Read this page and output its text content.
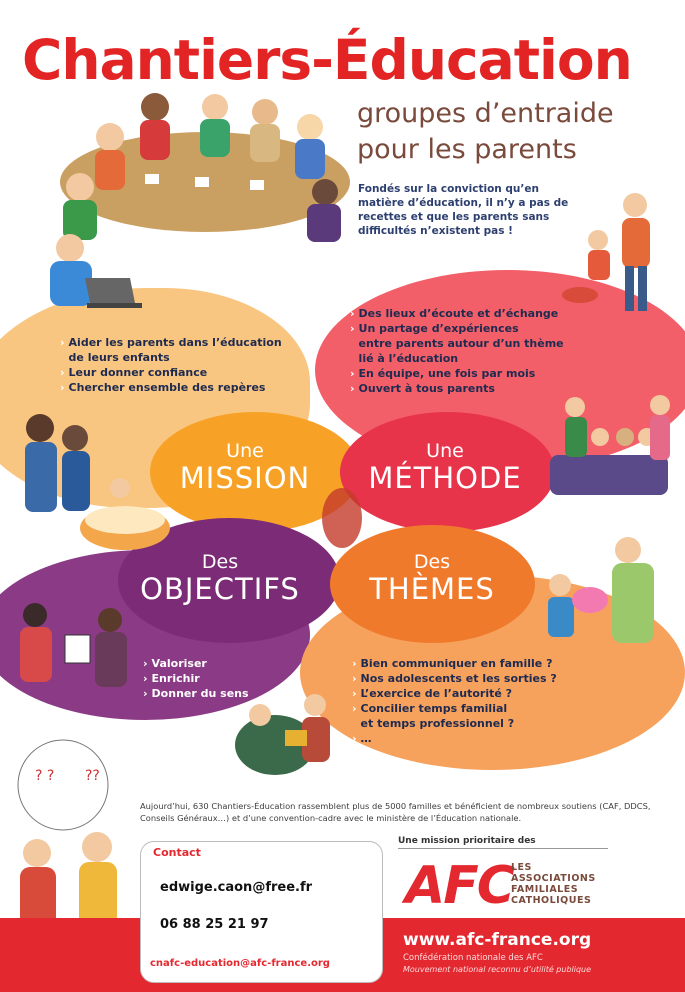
Chantiers-Éducation
groupes d’entraide
pour les parents
Fondés sur la conviction qu’en matière d’éducation, il n’y a pas de recettes et que les parents sans difficultés n’existent pas !
Une
MISSION
Une
MÉTHODE
Des
OBJECTIFS
Des
THÈMES
› Aider les parents dans l’éducation
de leurs enfants
› Leur donner confiance
› Chercher ensemble des repères
› Des lieux d’écoute et d’échange
› Un partage d’expériences
entre parents autour d’un thème
lié à l’éducation
› En équipe, une fois par mois
› Ouvert à tous parents
› Valoriser
› Enrichir
› Donner du sens
› Bien communiquer en famille ?
› Nos adolescents et les sorties ?
› L’exercice de l’autorité ?
› Concilier temps familial
et temps professionnel ?
› …
? ? ??
Aujourd’hui, 630 Chantiers-Éducation rassemblent plus de 5000 familles et bénéficient de nombreux soutiens (CAF, DDCS, Conseils Généraux…) et d’une convention-cadre avec le ministère de l’Éducation nationale.
Une mission prioritaire des
Contact
edwige.caon@free.fr
06 88 25 21 97
cnafc-education@afc-france.org
AFC
LES
ASSOCIATIONS
FAMILIALES
CATHOLIQUES
www.afc-france.org
Confédération nationale des AFC
Mouvement national reconnu d’utilité publique
